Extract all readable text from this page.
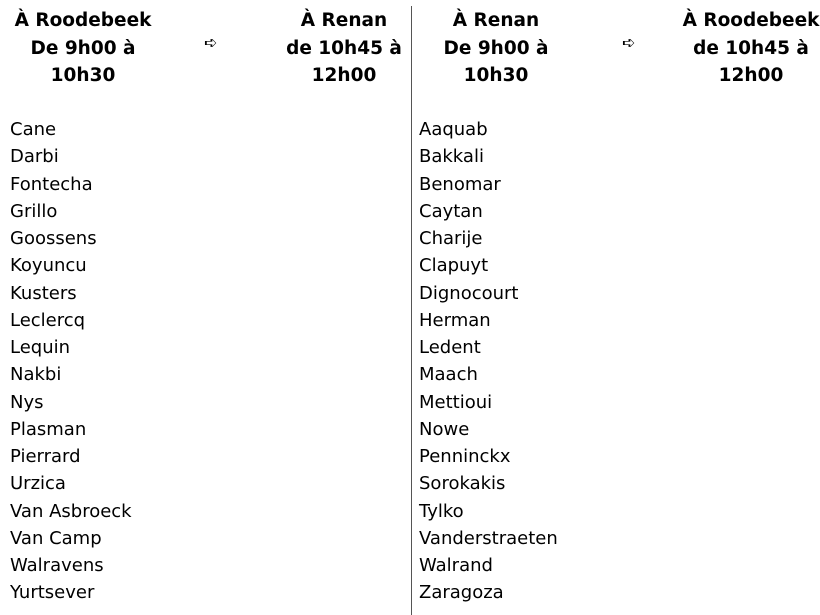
À Roodebeek
De 9h00 à
10h30
➪
À Renan
de 10h45 à
12h00
Cane
Darbi
Fontecha
Grillo
Goossens
Koyuncu
Kusters
Leclercq
Lequin
Nakbi
Nys
Plasman
Pierrard
Urzica
Van Asbroeck
Van Camp
Walravens
Yurtsever
À Renan
De 9h00 à
10h30
➪
À Roodebeek
de 10h45 à
12h00
Aaquab
Bakkali
Benomar
Caytan
Charije
Clapuyt
Dignocourt
Herman
Ledent
Maach
Mettioui
Nowe
Penninckx
Sorokakis
Tylko
Vanderstraeten
Walrand
Zaragoza
